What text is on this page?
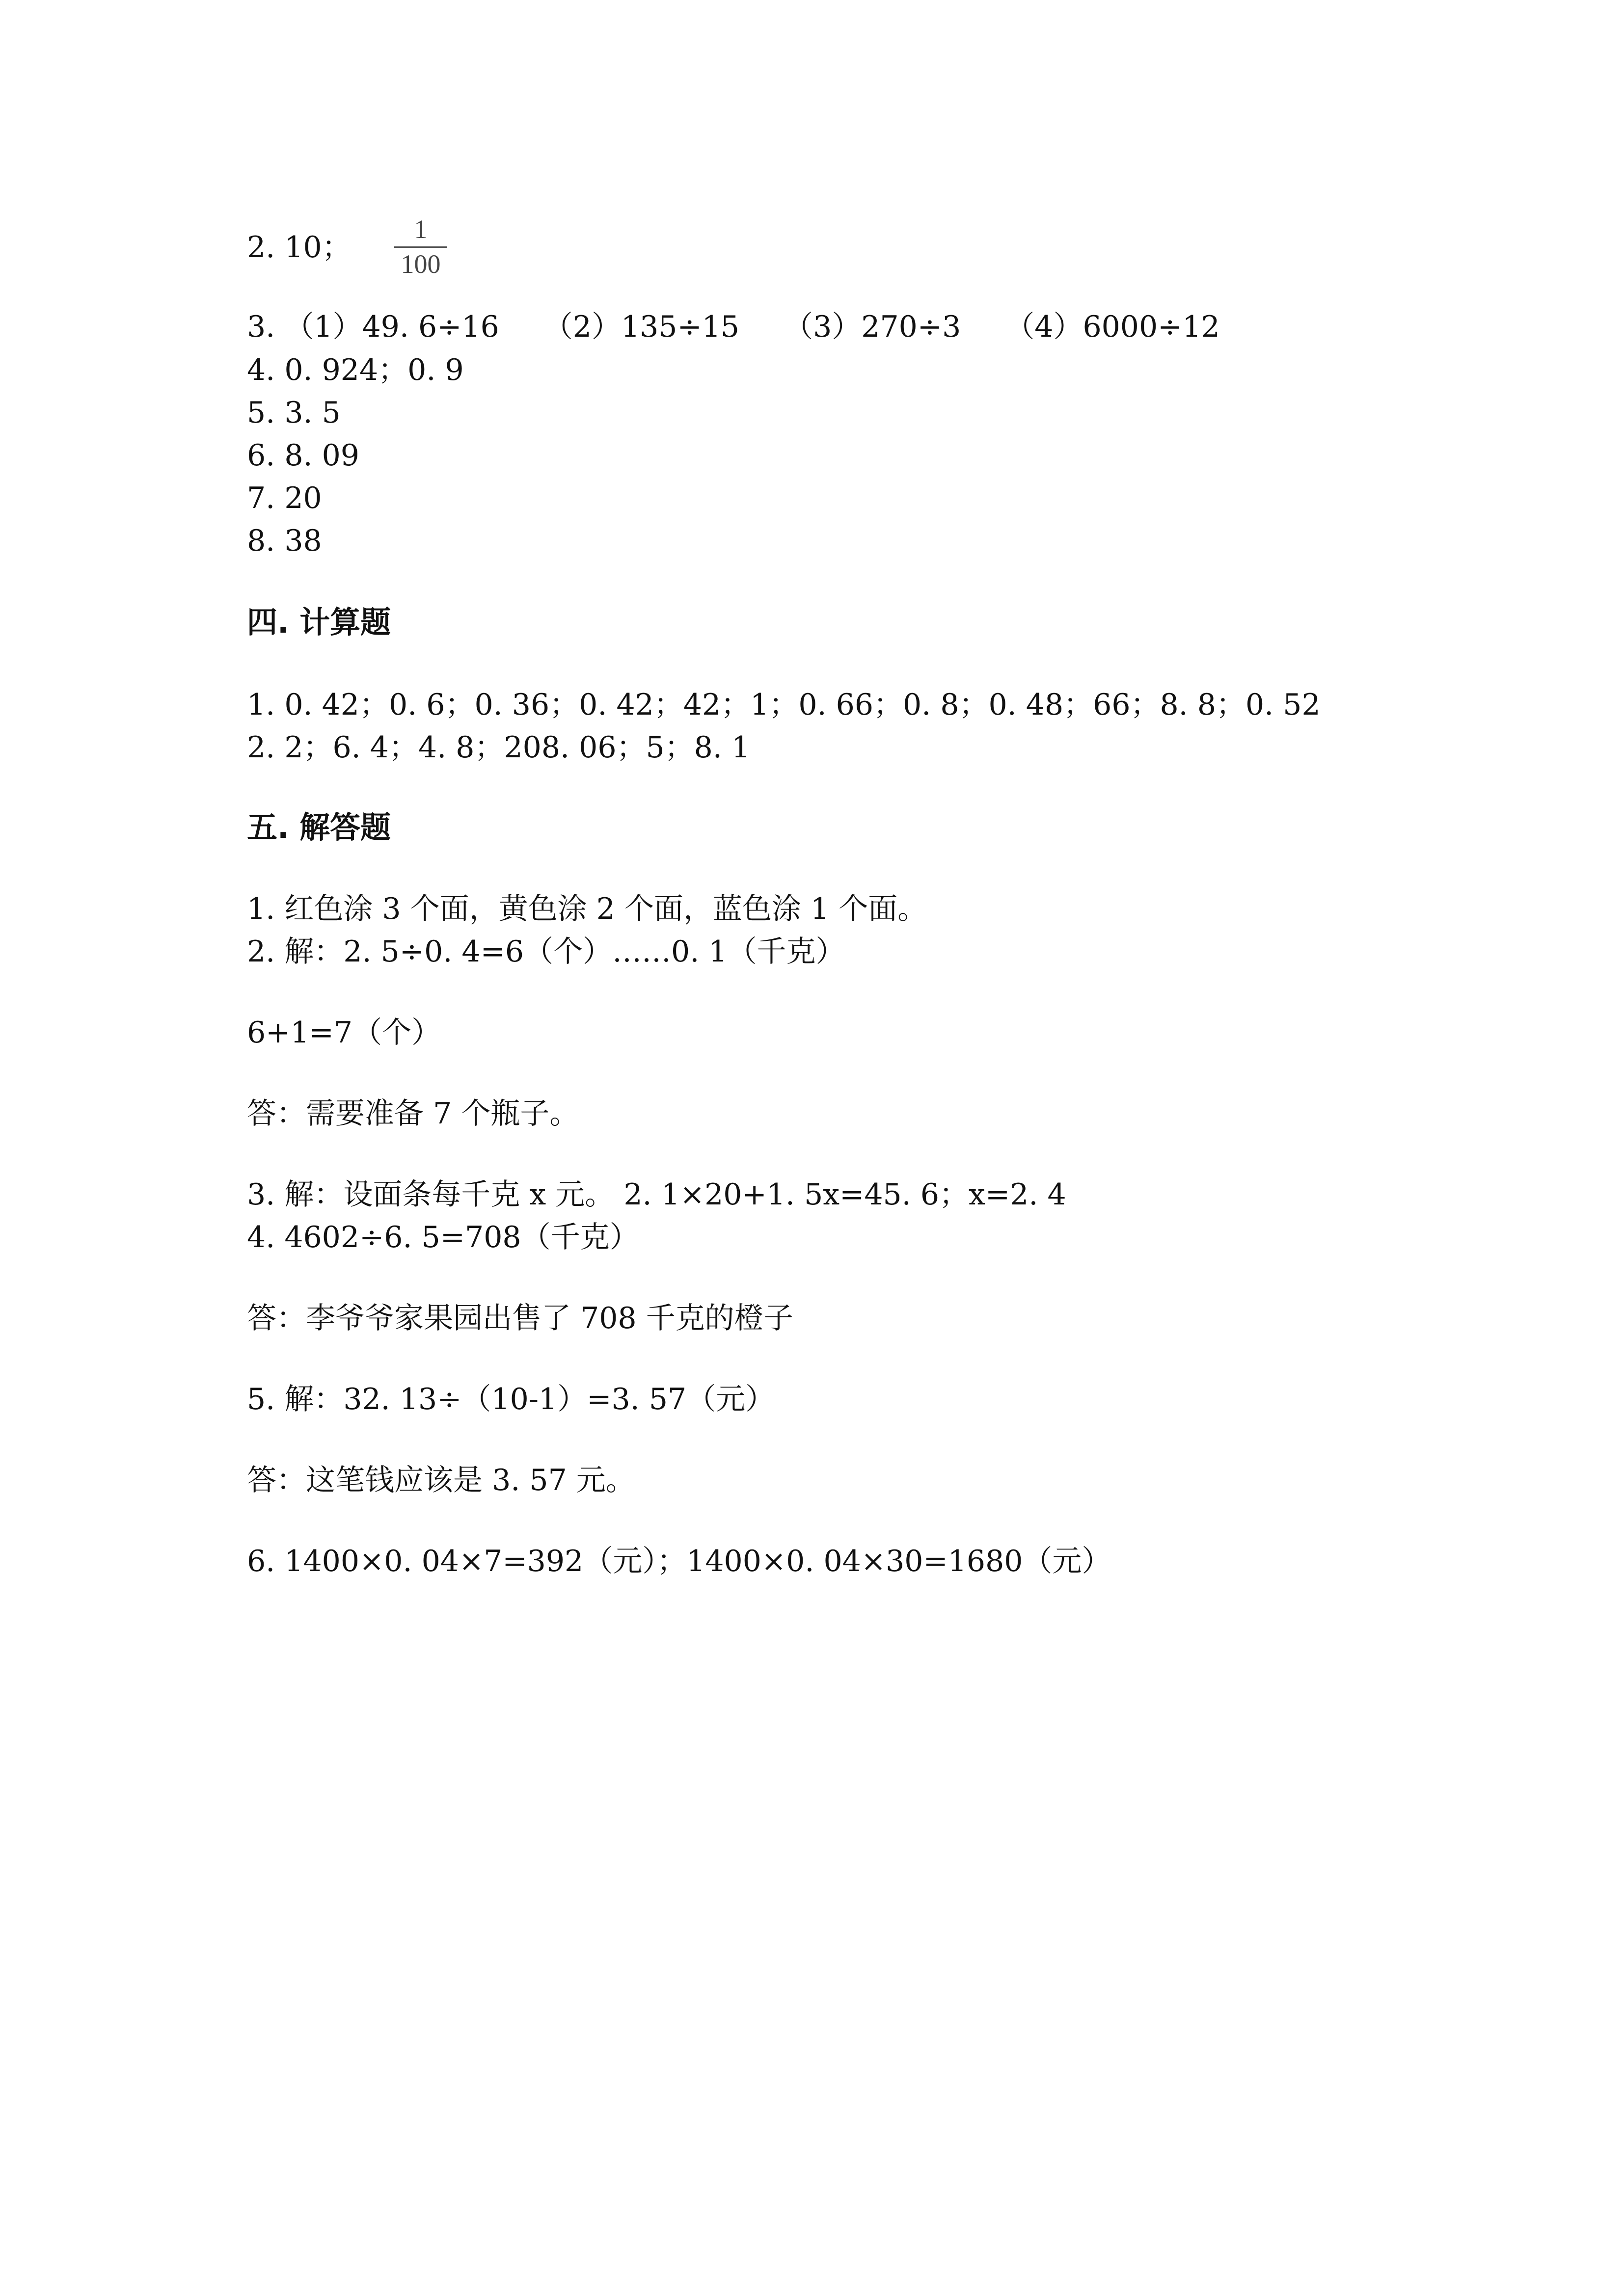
2. 10；

1
100

3. （1）49. 6÷16 （2）135÷15 （3）270÷3 （4）6000÷12

4. 0. 924；0. 9

5. 3. 5

6. 8. 09

7. 20

8. 38

四. 计算题

1. 0. 42；0. 6；0. 36；0. 42；42；1；0. 66；0. 8；0. 48；66；8. 8；0. 52

2. 2；6. 4；4. 8；208. 06；5；8. 1

五. 解答题

1. 红色涂 3 个面，黄色涂 2 个面，蓝色涂 1 个面。

2. 解：2. 5÷0. 4=6（个）……0. 1（千克）

6+1=7（个）

答：需要准备 7 个瓶子。

3. 解：设面条每千克 x 元。 2. 1×20+1. 5x=45. 6；x=2. 4

4. 4602÷6. 5=708（千克）

答：李爷爷家果园出售了 708 千克的橙子

5. 解：32. 13÷（10-1）=3. 57（元）

答：这笔钱应该是 3. 57 元。

6. 1400×0. 04×7=392（元）；1400×0. 04×30=1680（元）
